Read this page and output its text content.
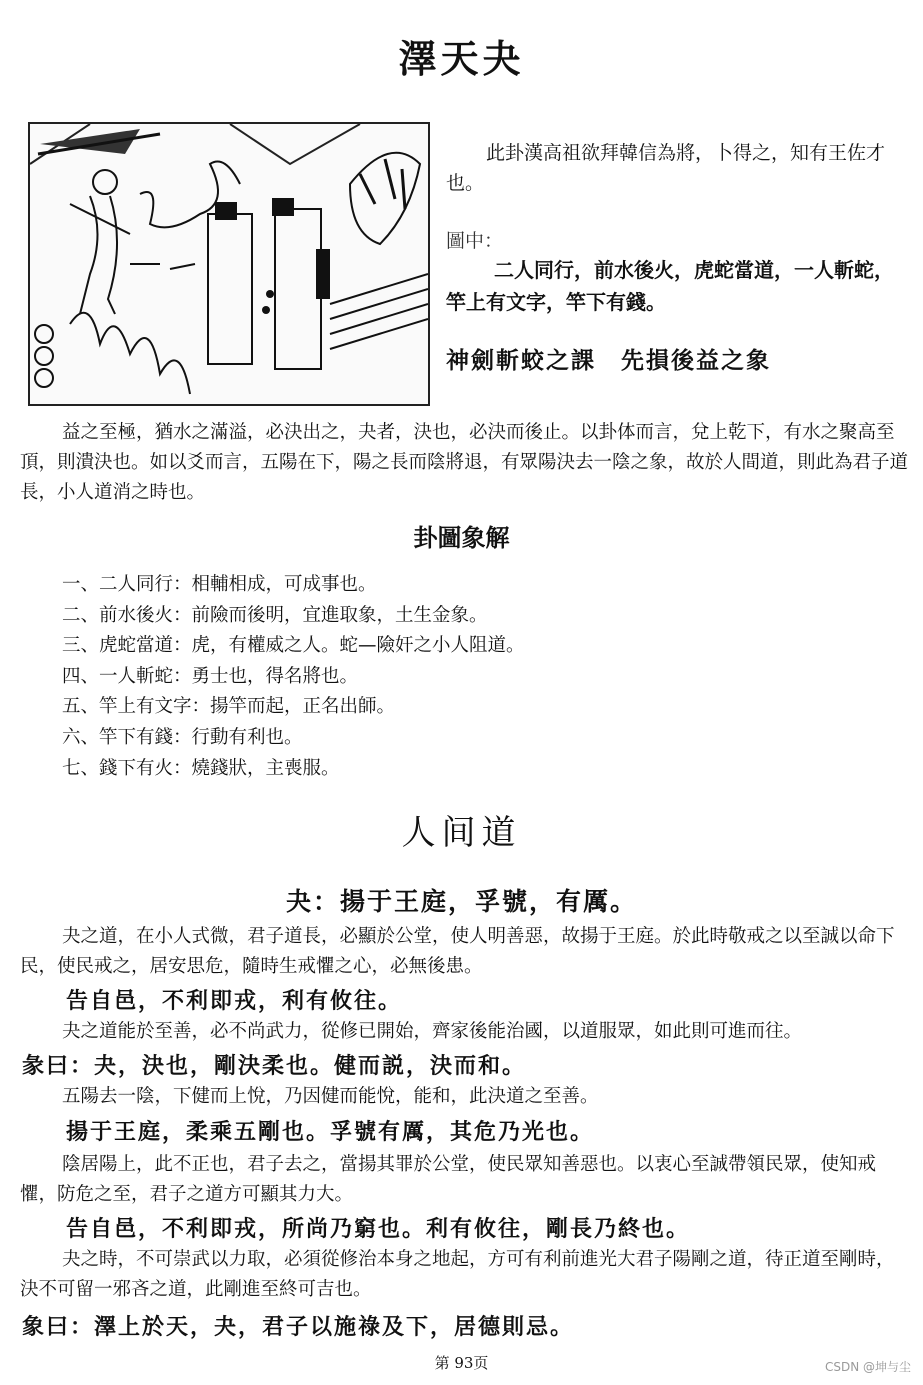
澤天夬
此卦漢高祖欲拜韓信為將，卜得之，知有王佐才也。
圖中：
二人同行，前水後火，虎蛇當道，一人斬蛇，竿上有文字，竿下有錢。
神劍斬蛟之課　先損後益之象
益之至極，猶水之滿溢，必決出之，夬者，決也，必決而後止。以卦体而言，兌上乾下，有水之聚高至頂，則潰決也。如以爻而言，五陽在下，陽之長而陰將退，有眾陽決去一陰之象，故於人間道，則此為君子道長，小人道消之時也。
卦圖象解
一、二人同行：相輔相成，可成事也。
二、前水後火：前險而後明，宜進取象，土生金象。
三、虎蛇當道：虎，有權威之人。蛇—險奸之小人阻道。
四、一人斬蛇：勇士也，得名將也。
五、竿上有文字：揚竿而起，正名出師。
六、竿下有錢：行動有利也。
七、錢下有火：燒錢狀，主喪服。
人间道
夬：揚于王庭，孚號，有厲。
夬之道，在小人式微，君子道長，必顯於公堂，使人明善惡，故揚于王庭。於此時敬戒之以至誠以命下民，使民戒之，居安思危，隨時生戒懼之心，必無後患。
告自邑，不利即戎，利有攸往。
夬之道能於至善，必不尚武力，從修已開始，齊家後能治國，以道服眾，如此則可進而往。
彖曰：夬，決也，剛決柔也。健而説，決而和。
五陽去一陰，下健而上悅，乃因健而能悅，能和，此決道之至善。
揚于王庭，柔乘五剛也。孚號有厲，其危乃光也。
陰居陽上，此不正也，君子去之，當揚其罪於公堂，使民眾知善惡也。以衷心至誠帶領民眾，使知戒懼，防危之至，君子之道方可顯其力大。
告自邑，不利即戎，所尚乃窮也。利有攸往，剛長乃終也。
夬之時，不可崇武以力取，必須從修治本身之地起，方可有利前進光大君子陽剛之道，待正道至剛時，決不可留一邪吝之道，此剛進至終可吉也。
象曰：澤上於天，夬，君子以施祿及下，居德則忌。
第 93页	CSDN @坤与尘
